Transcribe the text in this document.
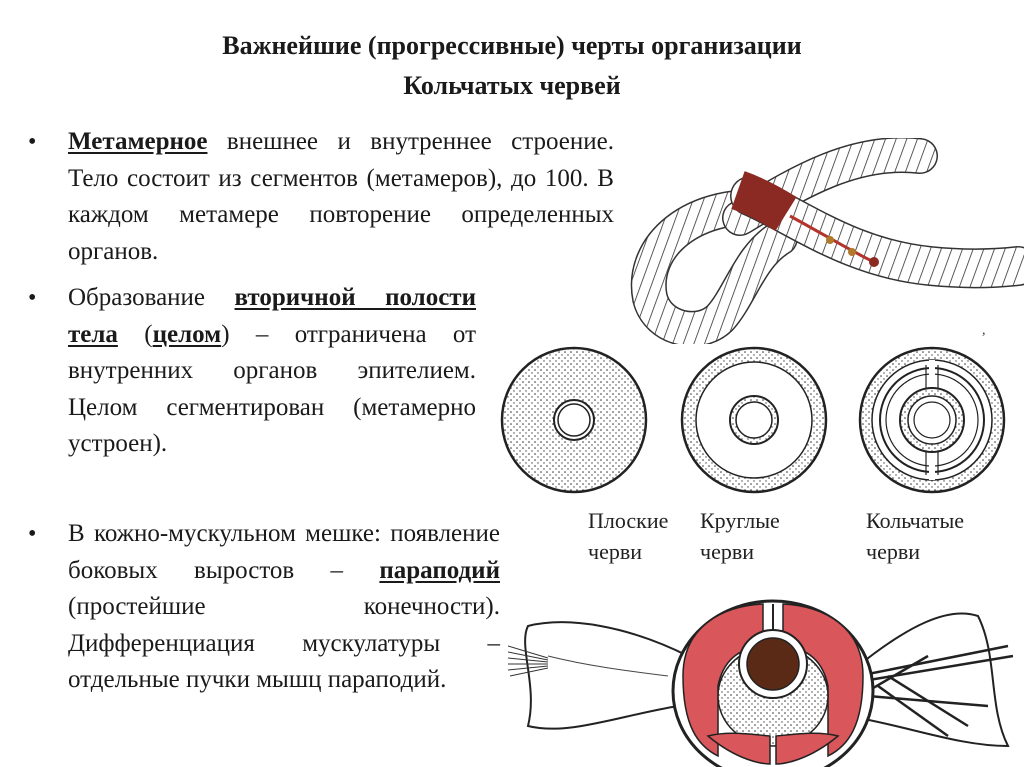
Важнейшие (прогрессивные) черты организации
Кольчатых червей
• Метамерное внешнее и внутреннее строение. Тело состоит из сегментов (метамеров), до 100. В каждом метамере повторение определенных органов.
• Образование вторичной полости тела (целом) – отграничена от внутренних органов эпителием. Целом сегментирован (метамерно устроен).
• В кожно-мускульном мешке: появление боковых выростов – параподий (простейшие конечности). Дифференциация мускулатуры – отдельные пучки мышц параподий.
,
Плоские
черви
Круглые
черви
Кольчатые
черви
